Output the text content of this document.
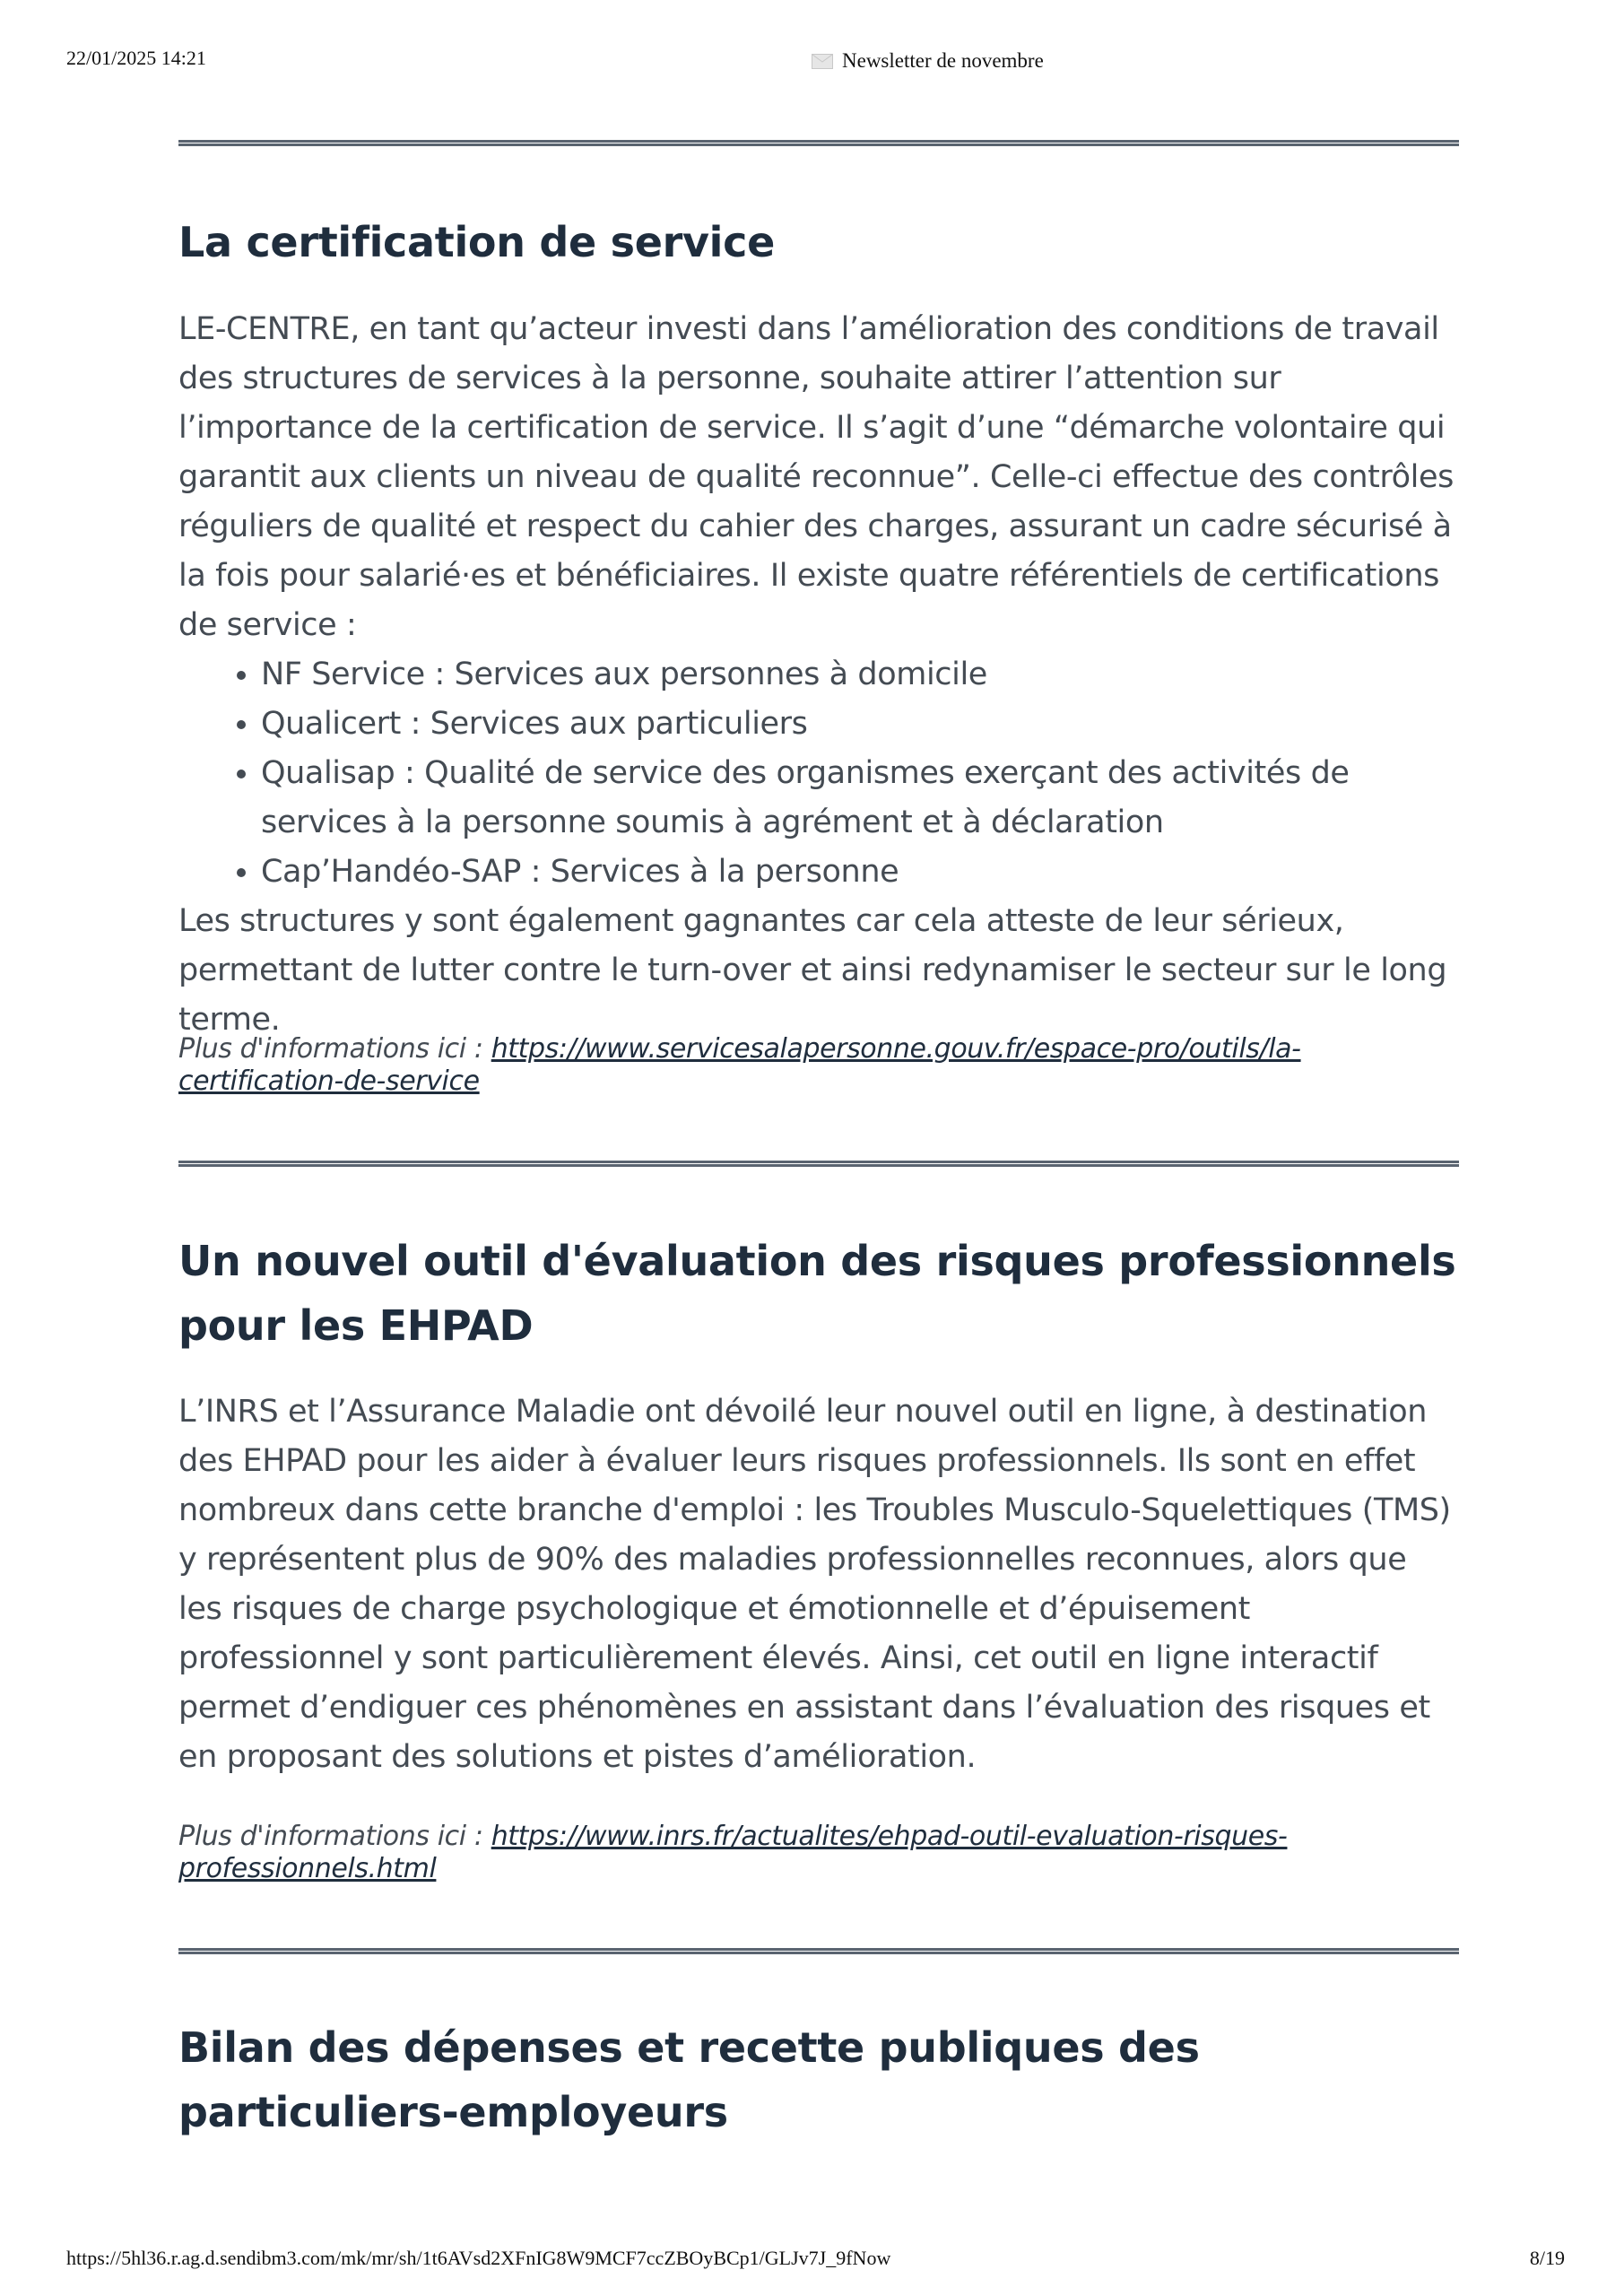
22/01/2025 14:21	Newsletter de novembre
La certification de service

LE-CENTRE, en tant qu’acteur investi dans l’amélioration des conditions de travail des structures de services à la personne, souhaite attirer l’attention sur l’importance de la certification de service. Il s’agit d’une “démarche volontaire qui garantit aux clients un niveau de qualité reconnue”. Celle-ci effectue des contrôles réguliers de qualité et respect du cahier des charges, assurant un cadre sécurisé à la fois pour salarié·es et bénéficiaires. Il existe quatre référentiels de certifications de service :

• NF Service : Services aux personnes à domicile
• Qualicert : Services aux particuliers
• Qualisap : Qualité de service des organismes exerçant des activités de services à la personne soumis à agrément et à déclaration
• Cap’Handéo-SAP : Services à la personne

Les structures y sont également gagnantes car cela atteste de leur sérieux, permettant de lutter contre le turn-over et ainsi redynamiser le secteur sur le long terme.

Plus d'informations ici : https://www.servicesalapersonne.gouv.fr/espace-pro/outils/la-certification-de-service
Un nouvel outil d'évaluation des risques professionnels pour les EHPAD

L’INRS et l’Assurance Maladie ont dévoilé leur nouvel outil en ligne, à destination des EHPAD pour les aider à évaluer leurs risques professionnels. Ils sont en effet nombreux dans cette branche d'emploi : les Troubles Musculo-Squelettiques (TMS) y représentent plus de 90% des maladies professionnelles reconnues, alors que les risques de charge psychologique et émotionnelle et d’épuisement professionnel y sont particulièrement élevés. Ainsi, cet outil en ligne interactif permet d’endiguer ces phénomènes en assistant dans l’évaluation des risques et en proposant des solutions et pistes d’amélioration.

Plus d'informations ici : https://www.inrs.fr/actualites/ehpad-outil-evaluation-risques-professionnels.html
Bilan des dépenses et recette publiques des particuliers-employeurs
https://5hl36.r.ag.d.sendibm3.com/mk/mr/sh/1t6AVsd2XFnIG8W9MCF7ccZBOyBCp1/GLJv7J_9fNow	8/19
